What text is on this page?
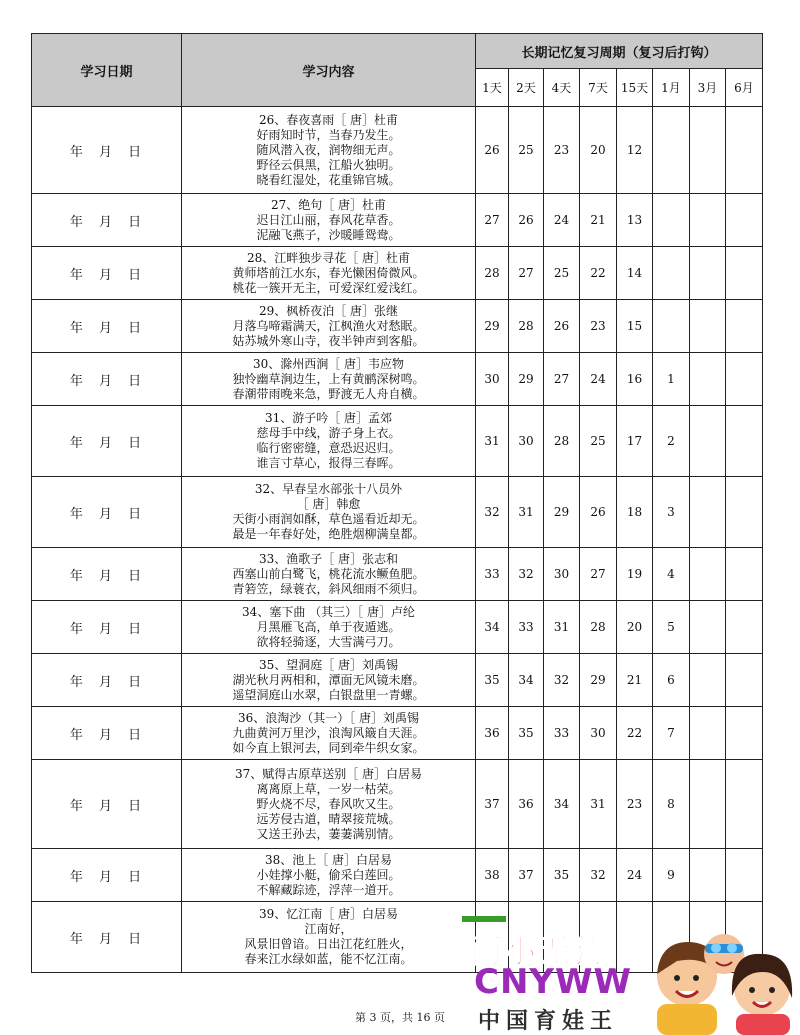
学习日期	学习内容	长期记忆复习周期（复习后打钩）							
		1天	2天	4天	7天	15天	1月	3月	6月
年 月 日	26、春夜喜雨［ 唐］杜甫
好雨知时节，当春乃发生。
随风潜入夜，润物细无声。
野径云俱黑，江船火独明。
晓看红湿处，花重锦官城。	26	25	23	20	12			
年 月 日	27、绝句［ 唐］杜甫
迟日江山丽，春风花草香。
泥融飞燕子，沙暖睡鸳鸯。	27	26	24	21	13			
年 月 日	28、江畔独步寻花［ 唐］杜甫
黄师塔前江水东，春光懒困倚微风。
桃花一簇开无主，可爱深红爱浅红。	28	27	25	22	14			
年 月 日	29、枫桥夜泊［ 唐］张继
月落乌啼霜满天，江枫渔火对愁眠。
姑苏城外寒山寺，夜半钟声到客船。	29	28	26	23	15			
年 月 日	30、滁州西涧［ 唐］韦应物
独怜幽草涧边生，上有黄鹂深树鸣。
春潮带雨晚来急，野渡无人舟自横。	30	29	27	24	16	1		
年 月 日	31、游子吟［ 唐］孟郊
慈母手中线，游子身上衣。
临行密密缝，意恐迟迟归。
谁言寸草心，报得三春晖。	31	30	28	25	17	2		
年 月 日	32、早春呈水部张十八员外
［ 唐］韩愈
天街小雨润如酥，草色遥看近却无。
最是一年春好处，绝胜烟柳满皇都。	32	31	29	26	18	3		
年 月 日	33、渔歌子［ 唐］张志和
西塞山前白鹭飞，桃花流水鳜鱼肥。
青箬笠，绿蓑衣，斜风细雨不须归。	33	32	30	27	19	4		
年 月 日	34、塞下曲 （其三）［ 唐］卢纶
月黑雁飞高，单于夜遁逃。
欲将轻骑逐，大雪满弓刀。	34	33	31	28	20	5		
年 月 日	35、望洞庭［ 唐］刘禹锡
湖光秋月两相和，潭面无风镜未磨。
遥望洞庭山水翠，白银盘里一青螺。	35	34	32	29	21	6		
年 月 日	36、浪淘沙（其一）［ 唐］刘禹锡
九曲黄河万里沙，浪淘风簸自天涯。
如今直上银河去，同到牵牛织女家。	36	35	33	30	22	7		
年 月 日	37、赋得古原草送别［ 唐］白居易
离离原上草，一岁一枯荣。
野火烧不尽，春风吹又生。
远芳侵古道，晴翠接荒城。
又送王孙去，萋萋满别情。	37	36	34	31	23	8		
年 月 日	38、池上［ 唐］白居易
小娃撑小艇，偷采白莲回。
不解藏踪迹，浮萍一道开。	38	37	35	32	24	9		
年 月 日	39、忆江南［ 唐］白居易
江南好，
风景旧曾谙。日出江花红胜火，
春来江水绿如蓝，能不忆江南。								

第 3 页，共 16 页
两小无猜
CNYWW
中国育娃王
